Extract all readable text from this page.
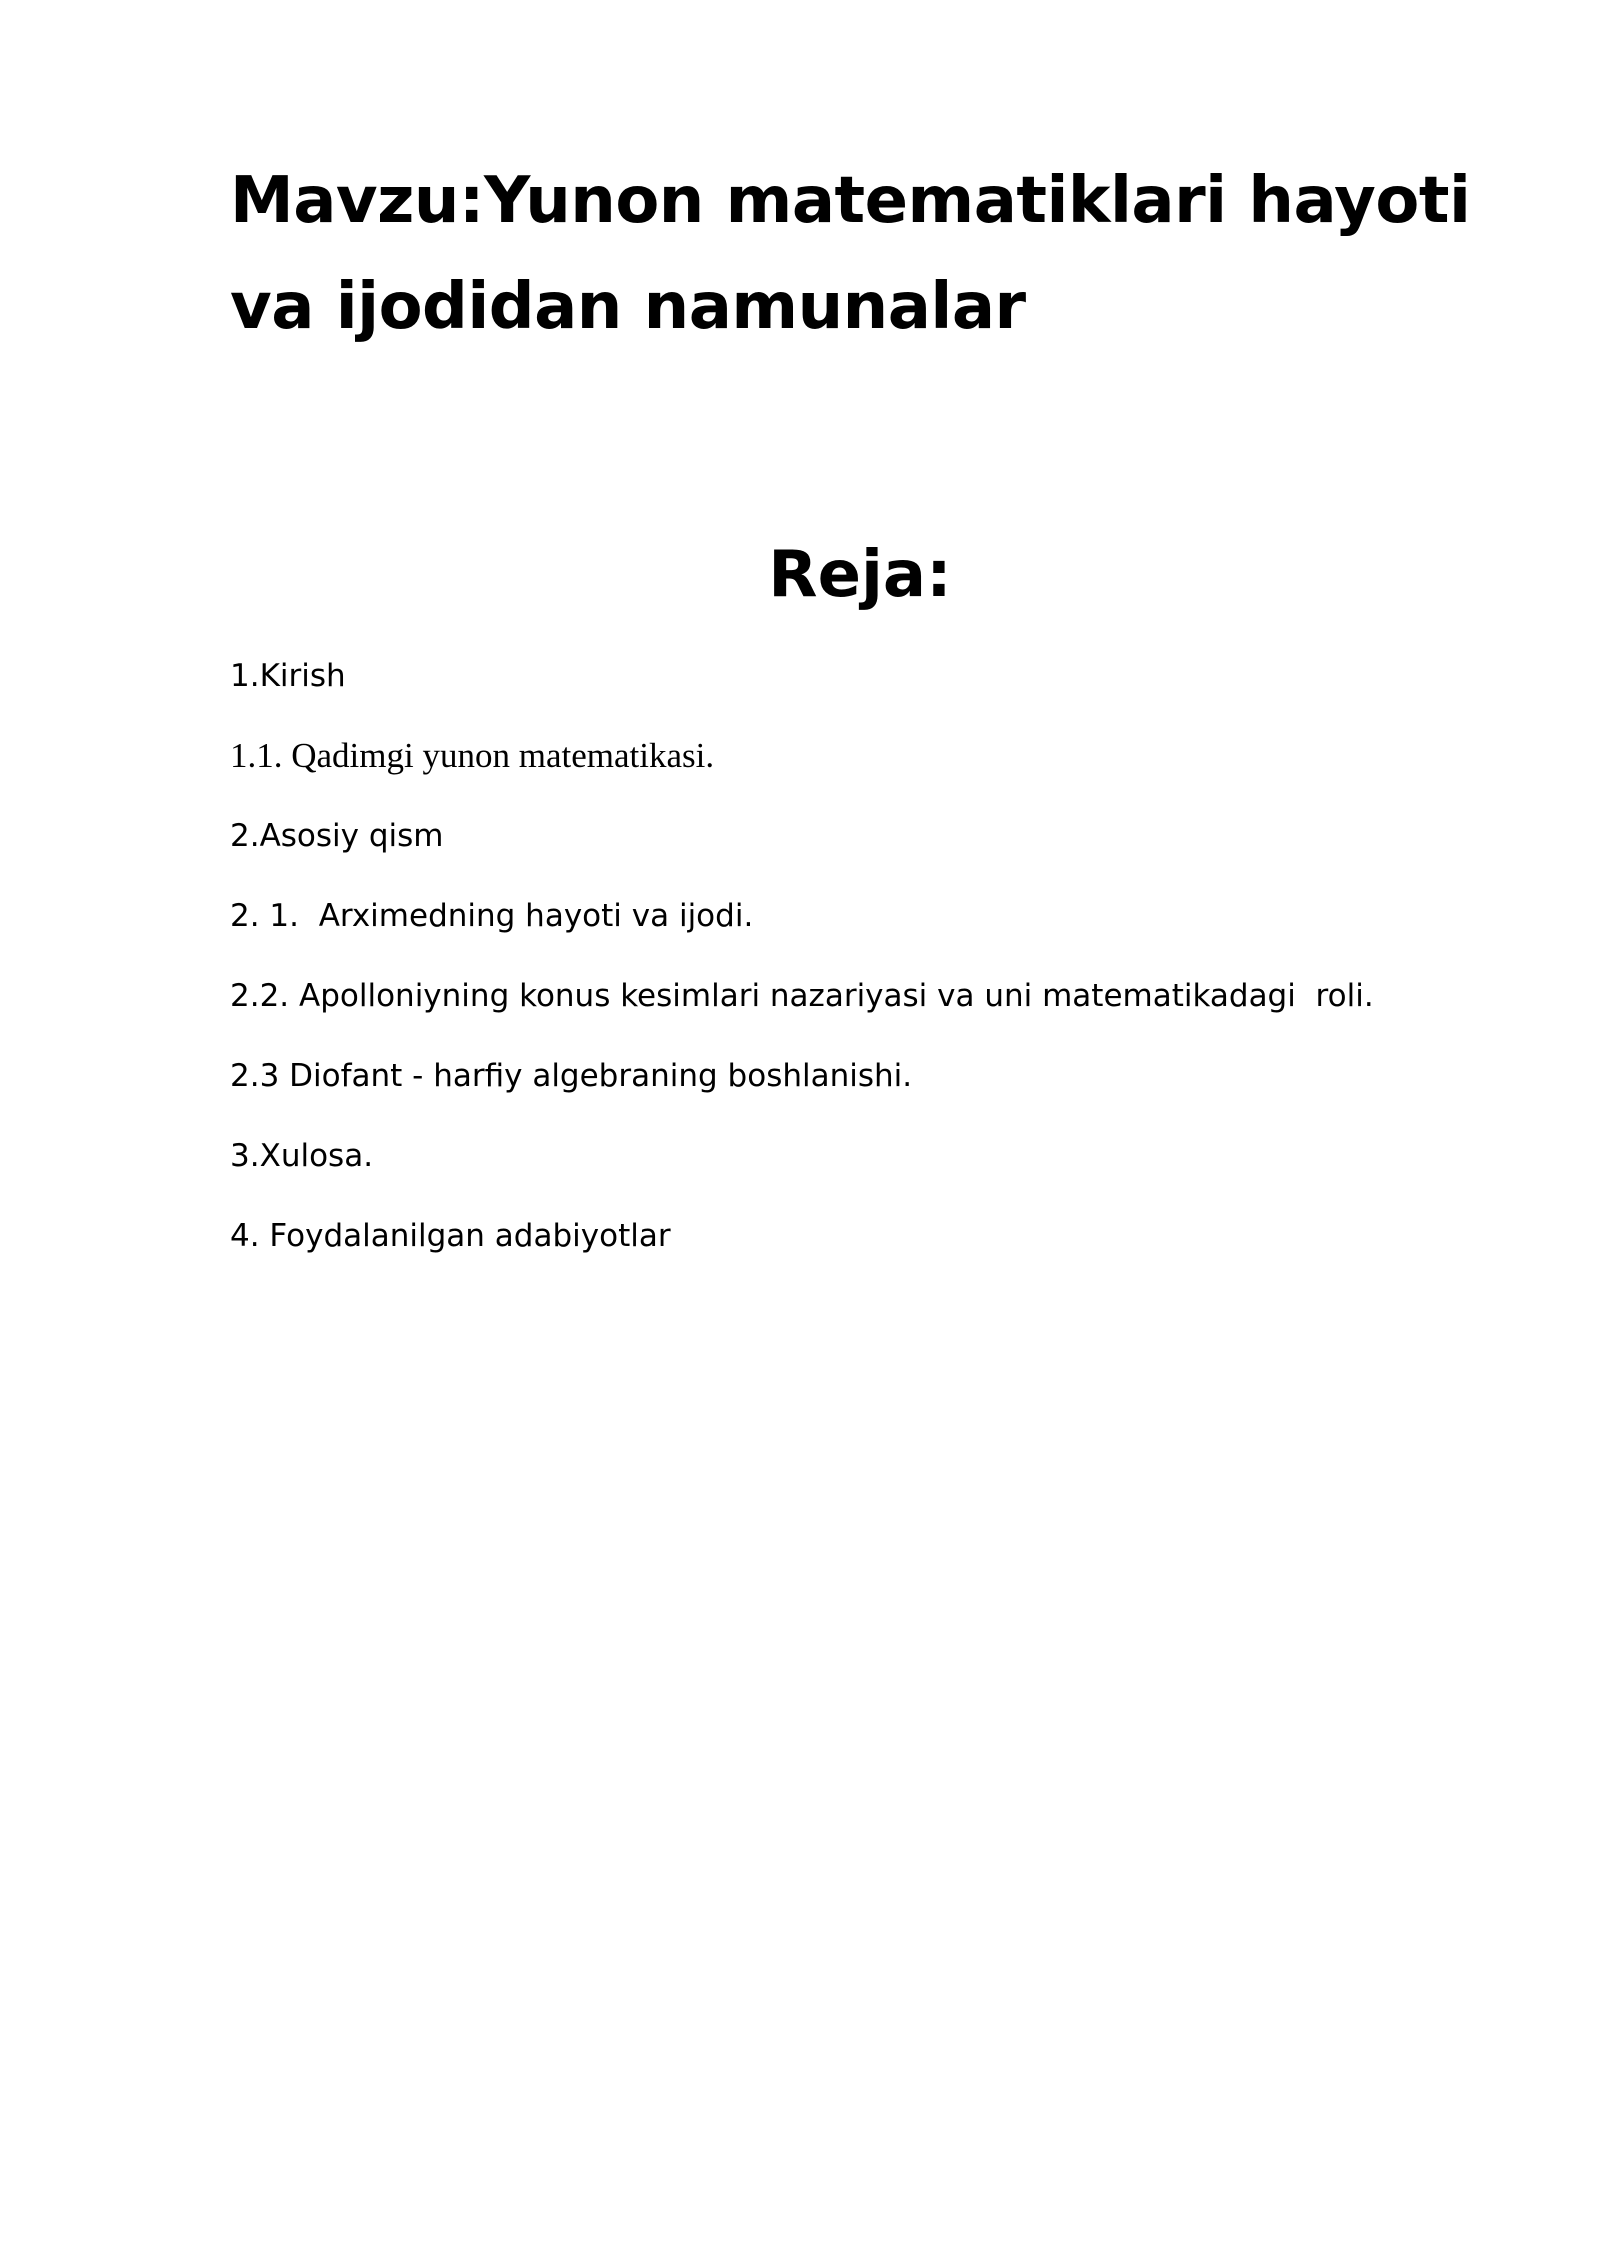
Mavzu:Yunon matematiklari hayoti va ijodidan namunalar
Reja:
1.Kirish
1.1. Qadimgi yunon matematikasi.
2.Asosiy qism
2. 1.  Arximedning hayoti va ijodi.
2.2. Apolloniyning konus kesimlari nazariyasi va uni matematikadagi  roli.
2.3 Diofant - harfiy algebraning boshlanishi.
3.Xulosa.
4. Foydalanilgan adabiyotlar
